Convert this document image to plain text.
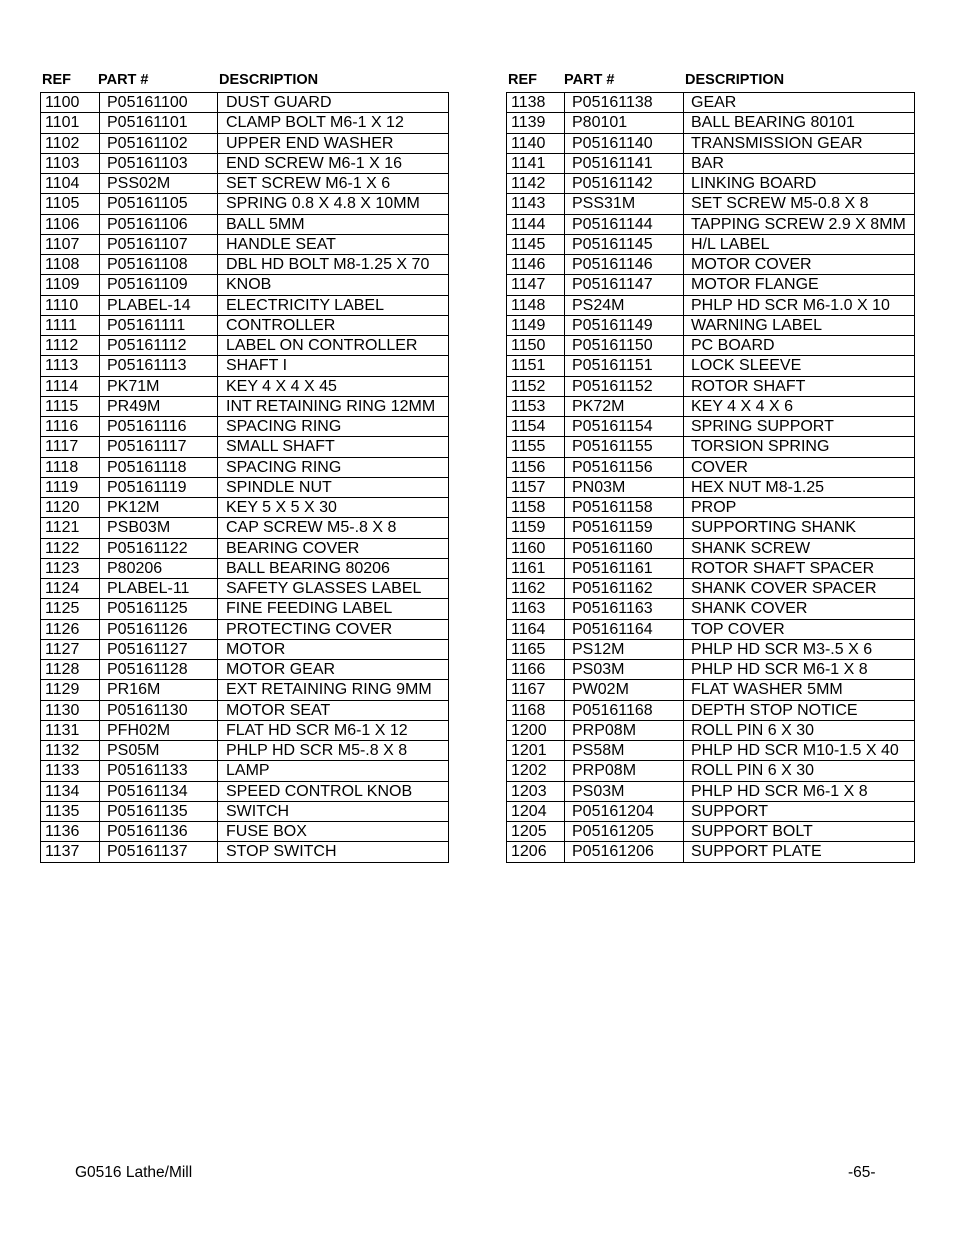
REF PART #	DESCRIPTION
1100	P05161100	DUST GUARD
1101	P05161101	CLAMP BOLT M6-1 X 12
1102	P05161102	UPPER END WASHER
1103	P05161103	END SCREW M6-1 X 16
1104	PSS02M	SET SCREW M6-1 X 6
1105	P05161105	SPRING 0.8 X 4.8 X 10MM
1106	P05161106	BALL 5MM
1107	P05161107	HANDLE SEAT
1108	P05161108	DBL HD BOLT M8-1.25 X 70
1109	P05161109	KNOB
1110	PLABEL-14	ELECTRICITY LABEL
1111	P05161111	CONTROLLER
1112	P05161112	LABEL ON CONTROLLER
1113	P05161113	SHAFT I
1114	PK71M	KEY 4 X 4 X 45
1115	PR49M	INT RETAINING RING 12MM
1116	P05161116	SPACING RING
1117	P05161117	SMALL SHAFT
1118	P05161118	SPACING RING
1119	P05161119	SPINDLE NUT
1120	PK12M	KEY 5 X 5 X 30
1121	PSB03M	CAP SCREW M5-.8 X 8
1122	P05161122	BEARING COVER
1123	P80206	BALL BEARING 80206
1124	PLABEL-11	SAFETY GLASSES LABEL
1125	P05161125	FINE FEEDING LABEL
1126	P05161126	PROTECTING COVER
1127	P05161127	MOTOR
1128	P05161128	MOTOR GEAR
1129	PR16M	EXT RETAINING RING 9MM
1130	P05161130	MOTOR SEAT
1131	PFH02M	FLAT HD SCR M6-1 X 12
1132	PS05M	PHLP HD SCR M5-.8 X 8
1133	P05161133	LAMP
1134	P05161134	SPEED CONTROL KNOB
1135	P05161135	SWITCH
1136	P05161136	FUSE BOX
1137	P05161137	STOP SWITCH
REF PART #	DESCRIPTION
1138	P05161138	GEAR
1139	P80101	BALL BEARING 80101
1140	P05161140	TRANSMISSION GEAR
1141	P05161141	BAR
1142	P05161142	LINKING BOARD
1143	PSS31M	SET SCREW M5-0.8 X 8
1144	P05161144	TAPPING SCREW 2.9 X 8MM
1145	P05161145	H/L LABEL
1146	P05161146	MOTOR COVER
1147	P05161147	MOTOR FLANGE
1148	PS24M	PHLP HD SCR M6-1.0 X 10
1149	P05161149	WARNING LABEL
1150	P05161150	PC BOARD
1151	P05161151	LOCK SLEEVE
1152	P05161152	ROTOR SHAFT
1153	PK72M	KEY 4 X 4 X 6
1154	P05161154	SPRING SUPPORT
1155	P05161155	TORSION SPRING
1156	P05161156	COVER
1157	PN03M	HEX NUT M8-1.25
1158	P05161158	PROP
1159	P05161159	SUPPORTING SHANK
1160	P05161160	SHANK SCREW
1161	P05161161	ROTOR SHAFT SPACER
1162	P05161162	SHANK COVER SPACER
1163	P05161163	SHANK COVER
1164	P05161164	TOP COVER
1165	PS12M	PHLP HD SCR M3-.5 X 6
1166	PS03M	PHLP HD SCR M6-1 X 8
1167	PW02M	FLAT WASHER 5MM
1168	P05161168	DEPTH STOP NOTICE
1200	PRP08M	ROLL PIN 6 X 30
1201	PS58M	PHLP HD SCR M10-1.5 X 40
1202	PRP08M	ROLL PIN 6 X 30
1203	PS03M	PHLP HD SCR M6-1 X 8
1204	P05161204	SUPPORT
1205	P05161205	SUPPORT BOLT
1206	P05161206	SUPPORT PLATE
G0516 Lathe/Mill	-65-
